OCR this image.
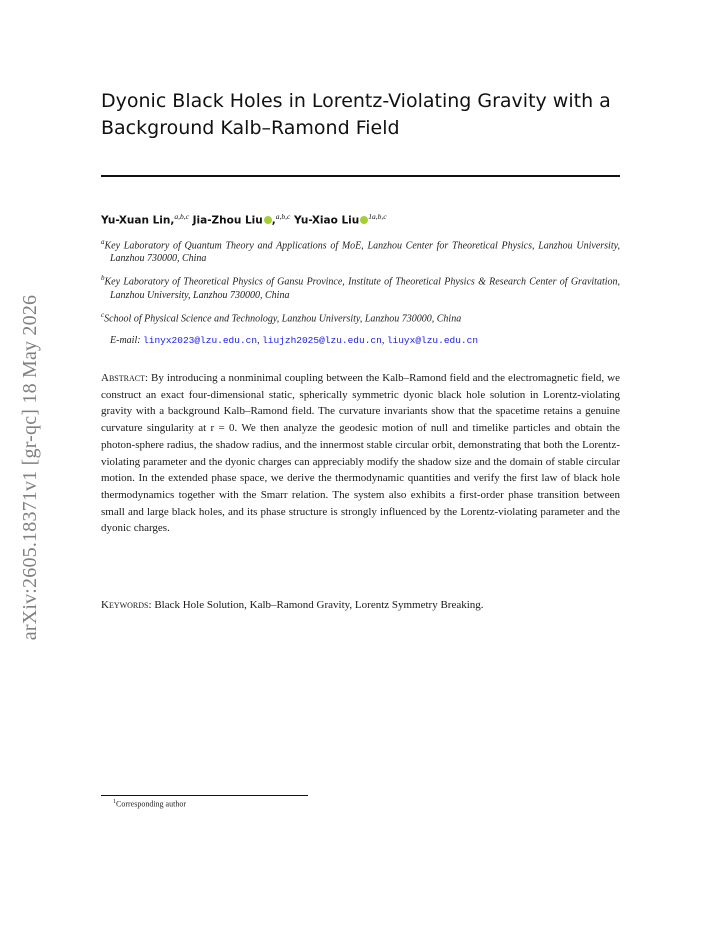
arXiv:2605.18371v1 [gr-qc] 18 May 2026
Dyonic Black Holes in Lorentz-Violating Gravity with a Background Kalb–Ramond Field
Yu-Xuan Lin,$^{a,b,c}$ Jia-Zhou Liu ,$^{a,b,c}$ Yu-Xiao Liu $^{1a,b,c}$
$^a$Key Laboratory of Quantum Theory and Applications of MoE, Lanzhou Center for Theoretical Physics, Lanzhou University, Lanzhou 730000, China
$^b$Key Laboratory of Theoretical Physics of Gansu Province, Institute of Theoretical Physics & Research Center of Gravitation, Lanzhou University, Lanzhou 730000, China
$^c$School of Physical Science and Technology, Lanzhou University, Lanzhou 730000, China
E-mail: linyx2023@lzu.edu.cn, liujzh2025@lzu.edu.cn, liuyx@lzu.edu.cn
Abstract: By introducing a nonminimal coupling between the Kalb–Ramond field and the electromagnetic field, we construct an exact four-dimensional static, spherically symmetric dyonic black hole solution in Lorentz-violating gravity with a background Kalb–Ramond field. The curvature invariants show that the spacetime retains a genuine curvature singularity at r = 0. We then analyze the geodesic motion of null and timelike particles and obtain the photon-sphere radius, the shadow radius, and the innermost stable circular orbit, demonstrating that both the Lorentz-violating parameter and the dyonic charges can appreciably modify the shadow size and the domain of stable circular motion. In the extended phase space, we derive the thermodynamic quantities and verify the first law of black hole thermodynamics together with the Smarr relation. The system also exhibits a first-order phase transition between small and large black holes, and its phase structure is strongly influenced by the Lorentz-violating parameter and the dyonic charges.
Keywords: Black Hole Solution, Kalb–Ramond Gravity, Lorentz Symmetry Breaking.
$^1$Corresponding author
